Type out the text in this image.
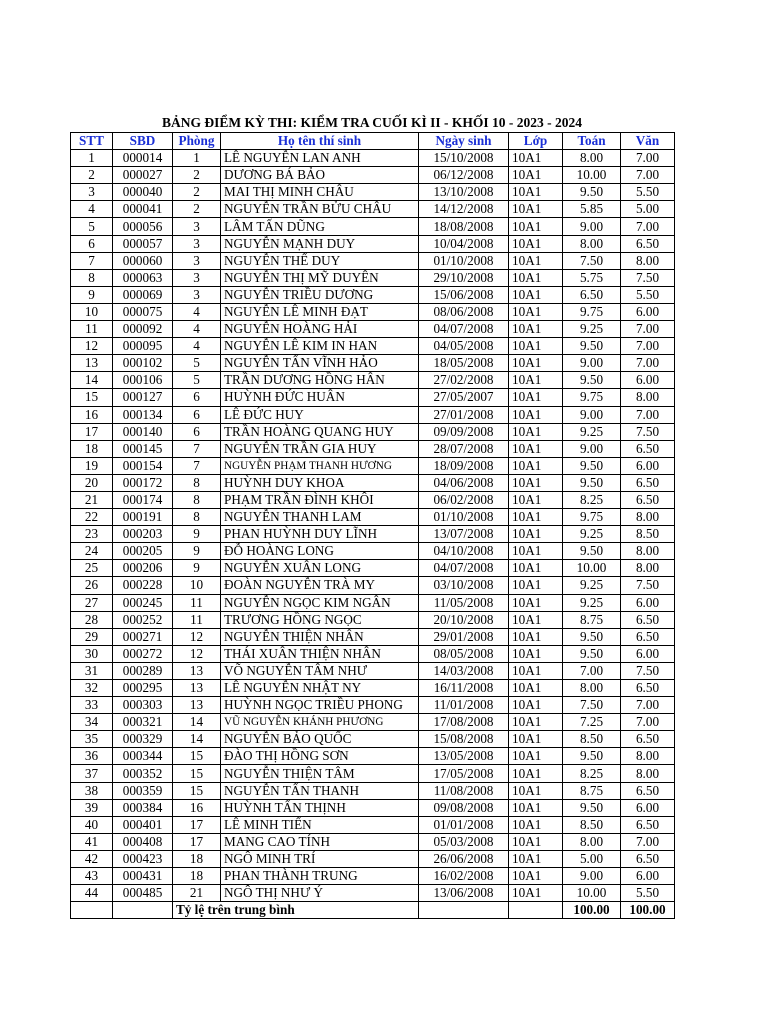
BẢNG ĐIỂM KỲ THI: KIỂM TRA CUỐI KÌ II - KHỐI 10 - 2023 - 2024
STT	SBD	Phòng	Họ tên thí sinh	Ngày sinh	Lớp	Toán	Văn
1	000014	1	LÊ NGUYỄN LAN ANH	15/10/2008	10A1	8.00	7.00
2	000027	2	DƯƠNG BÁ BẢO	06/12/2008	10A1	10.00	7.00
3	000040	2	MAI THỊ MINH CHÂU	13/10/2008	10A1	9.50	5.50
4	000041	2	NGUYỄN TRẦN BỬU CHÂU	14/12/2008	10A1	5.85	5.00
5	000056	3	LÂM TẤN DŨNG	18/08/2008	10A1	9.00	7.00
6	000057	3	NGUYỄN MẠNH DUY	10/04/2008	10A1	8.00	6.50
7	000060	3	NGUYỄN THẾ DUY	01/10/2008	10A1	7.50	8.00
8	000063	3	NGUYỄN THỊ MỸ DUYÊN	29/10/2008	10A1	5.75	7.50
9	000069	3	NGUYỄN TRIỀU DƯƠNG	15/06/2008	10A1	6.50	5.50
10	000075	4	NGUYỄN LÊ MINH ĐẠT	08/06/2008	10A1	9.75	6.00
11	000092	4	NGUYỄN HOÀNG HẢI	04/07/2008	10A1	9.25	7.00
12	000095	4	NGUYỄN LÊ KIM IN HAN	04/05/2008	10A1	9.50	7.00
13	000102	5	NGUYỄN TẤN VĨNH HẢO	18/05/2008	10A1	9.00	7.00
14	000106	5	TRẦN DƯƠNG HỒNG HÂN	27/02/2008	10A1	9.50	6.00
15	000127	6	HUỲNH ĐỨC HUÂN	27/05/2007	10A1	9.75	8.00
16	000134	6	LÊ ĐỨC HUY	27/01/2008	10A1	9.00	7.00
17	000140	6	TRẦN HOÀNG QUANG HUY	09/09/2008	10A1	9.25	7.50
18	000145	7	NGUYỄN TRẦN GIA HUY	28/07/2008	10A1	9.00	6.50
19	000154	7	NGUYỄN PHẠM THANH HƯƠNG	18/09/2008	10A1	9.50	6.00
20	000172	8	HUỲNH DUY KHOA	04/06/2008	10A1	9.50	6.50
21	000174	8	PHẠM TRẦN ĐÌNH KHÔI	06/02/2008	10A1	8.25	6.50
22	000191	8	NGUYỄN THANH LAM	01/10/2008	10A1	9.75	8.00
23	000203	9	PHAN HUỲNH DUY LĨNH	13/07/2008	10A1	9.25	8.50
24	000205	9	ĐỖ HOÀNG LONG	04/10/2008	10A1	9.50	8.00
25	000206	9	NGUYỄN XUÂN LONG	04/07/2008	10A1	10.00	8.00
26	000228	10	ĐOÀN NGUYỄN TRÀ MY	03/10/2008	10A1	9.25	7.50
27	000245	11	NGUYỄN NGỌC KIM NGÂN	11/05/2008	10A1	9.25	6.00
28	000252	11	TRƯƠNG HỒNG NGỌC	20/10/2008	10A1	8.75	6.50
29	000271	12	NGUYỄN THIỆN NHÂN	29/01/2008	10A1	9.50	6.50
30	000272	12	THÁI XUÂN THIỆN NHÂN	08/05/2008	10A1	9.50	6.00
31	000289	13	VÕ NGUYỄN TÂM NHƯ	14/03/2008	10A1	7.00	7.50
32	000295	13	LÊ NGUYỄN NHẬT NY	16/11/2008	10A1	8.00	6.50
33	000303	13	HUỲNH NGỌC TRIỀU PHONG	11/01/2008	10A1	7.50	7.00
34	000321	14	VŨ NGUYỄN KHÁNH PHƯƠNG	17/08/2008	10A1	7.25	7.00
35	000329	14	NGUYỄN BẢO QUỐC	15/08/2008	10A1	8.50	6.50
36	000344	15	ĐÀO THỊ HỒNG SƠN	13/05/2008	10A1	9.50	8.00
37	000352	15	NGUYỄN THIỆN TÂM	17/05/2008	10A1	8.25	8.00
38	000359	15	NGUYỄN TẤN THANH	11/08/2008	10A1	8.75	6.50
39	000384	16	HUỲNH TẤN THỊNH	09/08/2008	10A1	9.50	6.00
40	000401	17	LÊ MINH TIẾN	01/01/2008	10A1	8.50	6.50
41	000408	17	MANG CAO TÍNH	05/03/2008	10A1	8.00	7.00
42	000423	18	NGÔ MINH TRÍ	26/06/2008	10A1	5.00	6.50
43	000431	18	PHAN THÀNH TRUNG	16/02/2008	10A1	9.00	6.00
44	000485	21	NGÔ THỊ NHƯ Ý	13/06/2008	10A1	10.00	5.50
		Tỷ lệ trên trung bình				100.00	100.00
